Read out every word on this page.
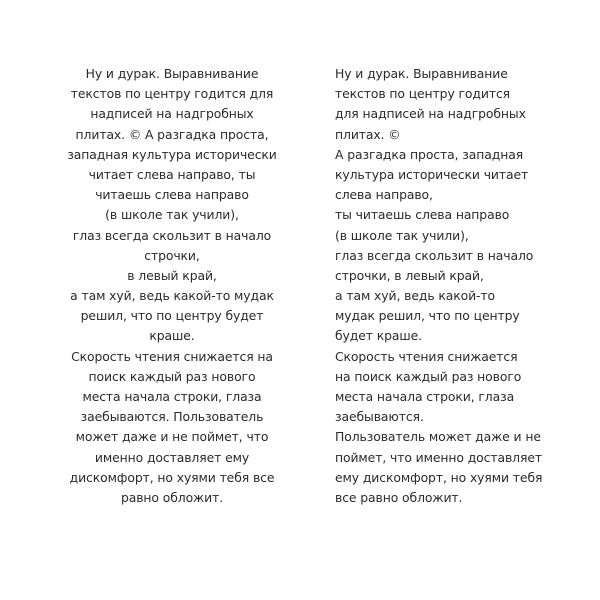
Ну и дурак. Выравнивание
текстов по центру годится для
надписей на надгробных
плитах. © А разгадка проста,
западная культура исторически
читает слева направо, ты
читаешь слева направо
(в школе так учили),
глаз всегда скользит в начало
строчки,
в левый край,
а там хуй, ведь какой-то мудак
решил, что по центру будет
краше.
Скорость чтения снижается на
поиск каждый раз нового
места начала строки, глаза
заебываются. Пользователь
может даже и не поймет, что
именно доставляет ему
дискомфорт, но хуями тебя все
равно обложит.
Ну и дурак. Выравнивание
текстов по центру годится
для надписей на надгробных
плитах. ©
А разгадка проста, западная
культура исторически читает
слева направо,
ты читаешь слева направо
(в школе так учили),
глаз всегда скользит в начало
строчки, в левый край,
а там хуй, ведь какой-то
мудак решил, что по центру
будет краше.
Скорость чтения снижается
на поиск каждый раз нового
места начала строки, глаза
заебываются.
Пользователь может даже и не
поймет, что именно доставляет
ему дискомфорт, но хуями тебя
все равно обложит.
